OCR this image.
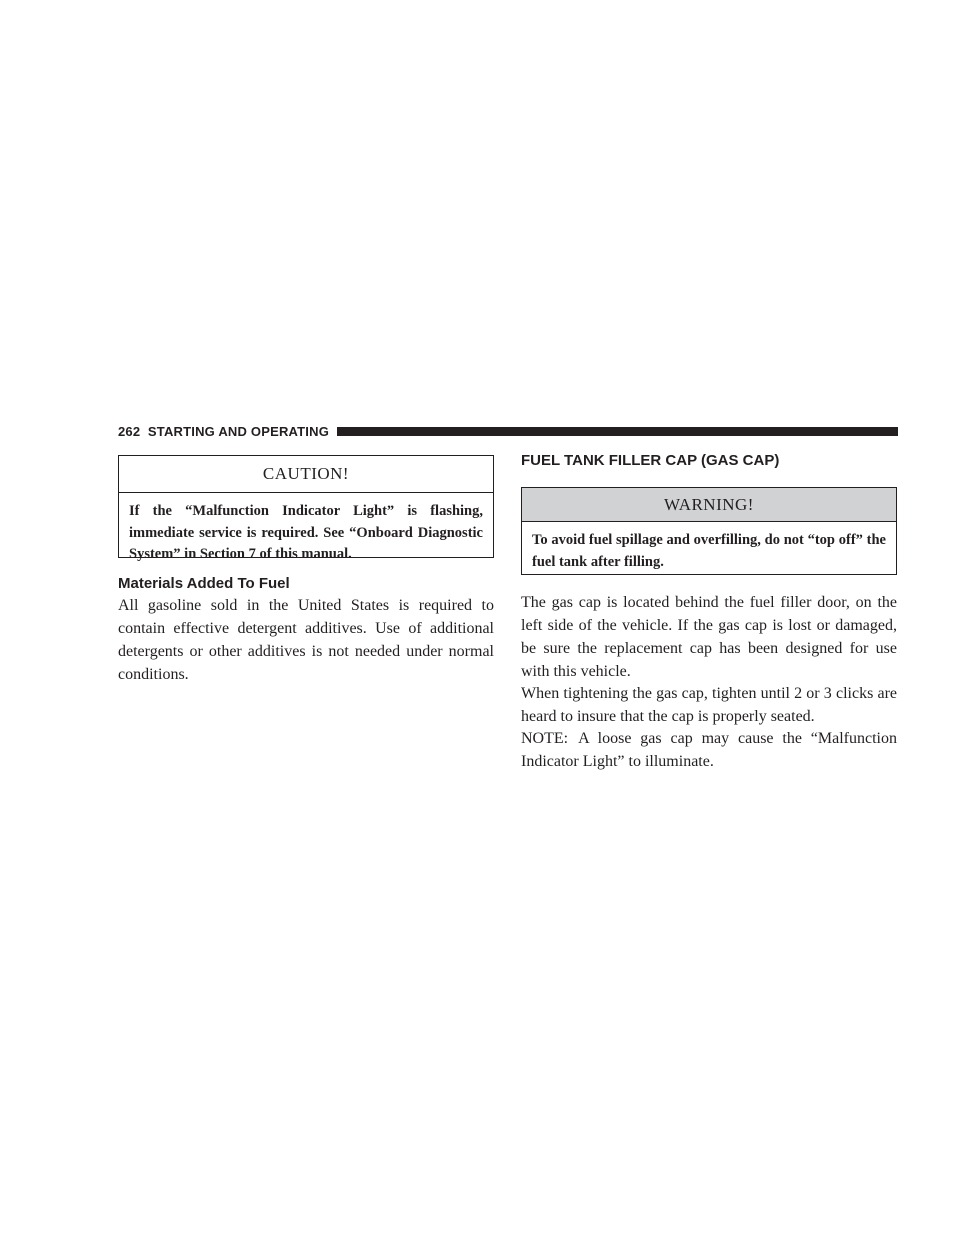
262 STARTING AND OPERATING
CAUTION!
If the “Malfunction Indicator Light” is flashing, immediate service is required. See “Onboard Diagnostic System” in Section 7 of this manual.
Materials Added To Fuel

All gasoline sold in the United States is required to contain effective detergent additives. Use of additional detergents or other additives is not needed under normal conditions.

FUEL TANK FILLER CAP (GAS CAP)
WARNING!
To avoid fuel spillage and overfilling, do not “top off” the fuel tank after filling.

The gas cap is located behind the fuel filler door, on the left side of the vehicle. If the gas cap is lost or damaged, be sure the replacement cap has been designed for use with this vehicle.

When tightening the gas cap, tighten until 2 or 3 clicks are heard to insure that the cap is properly seated.

NOTE: A loose gas cap may cause the “Malfunction Indicator Light” to illuminate.
